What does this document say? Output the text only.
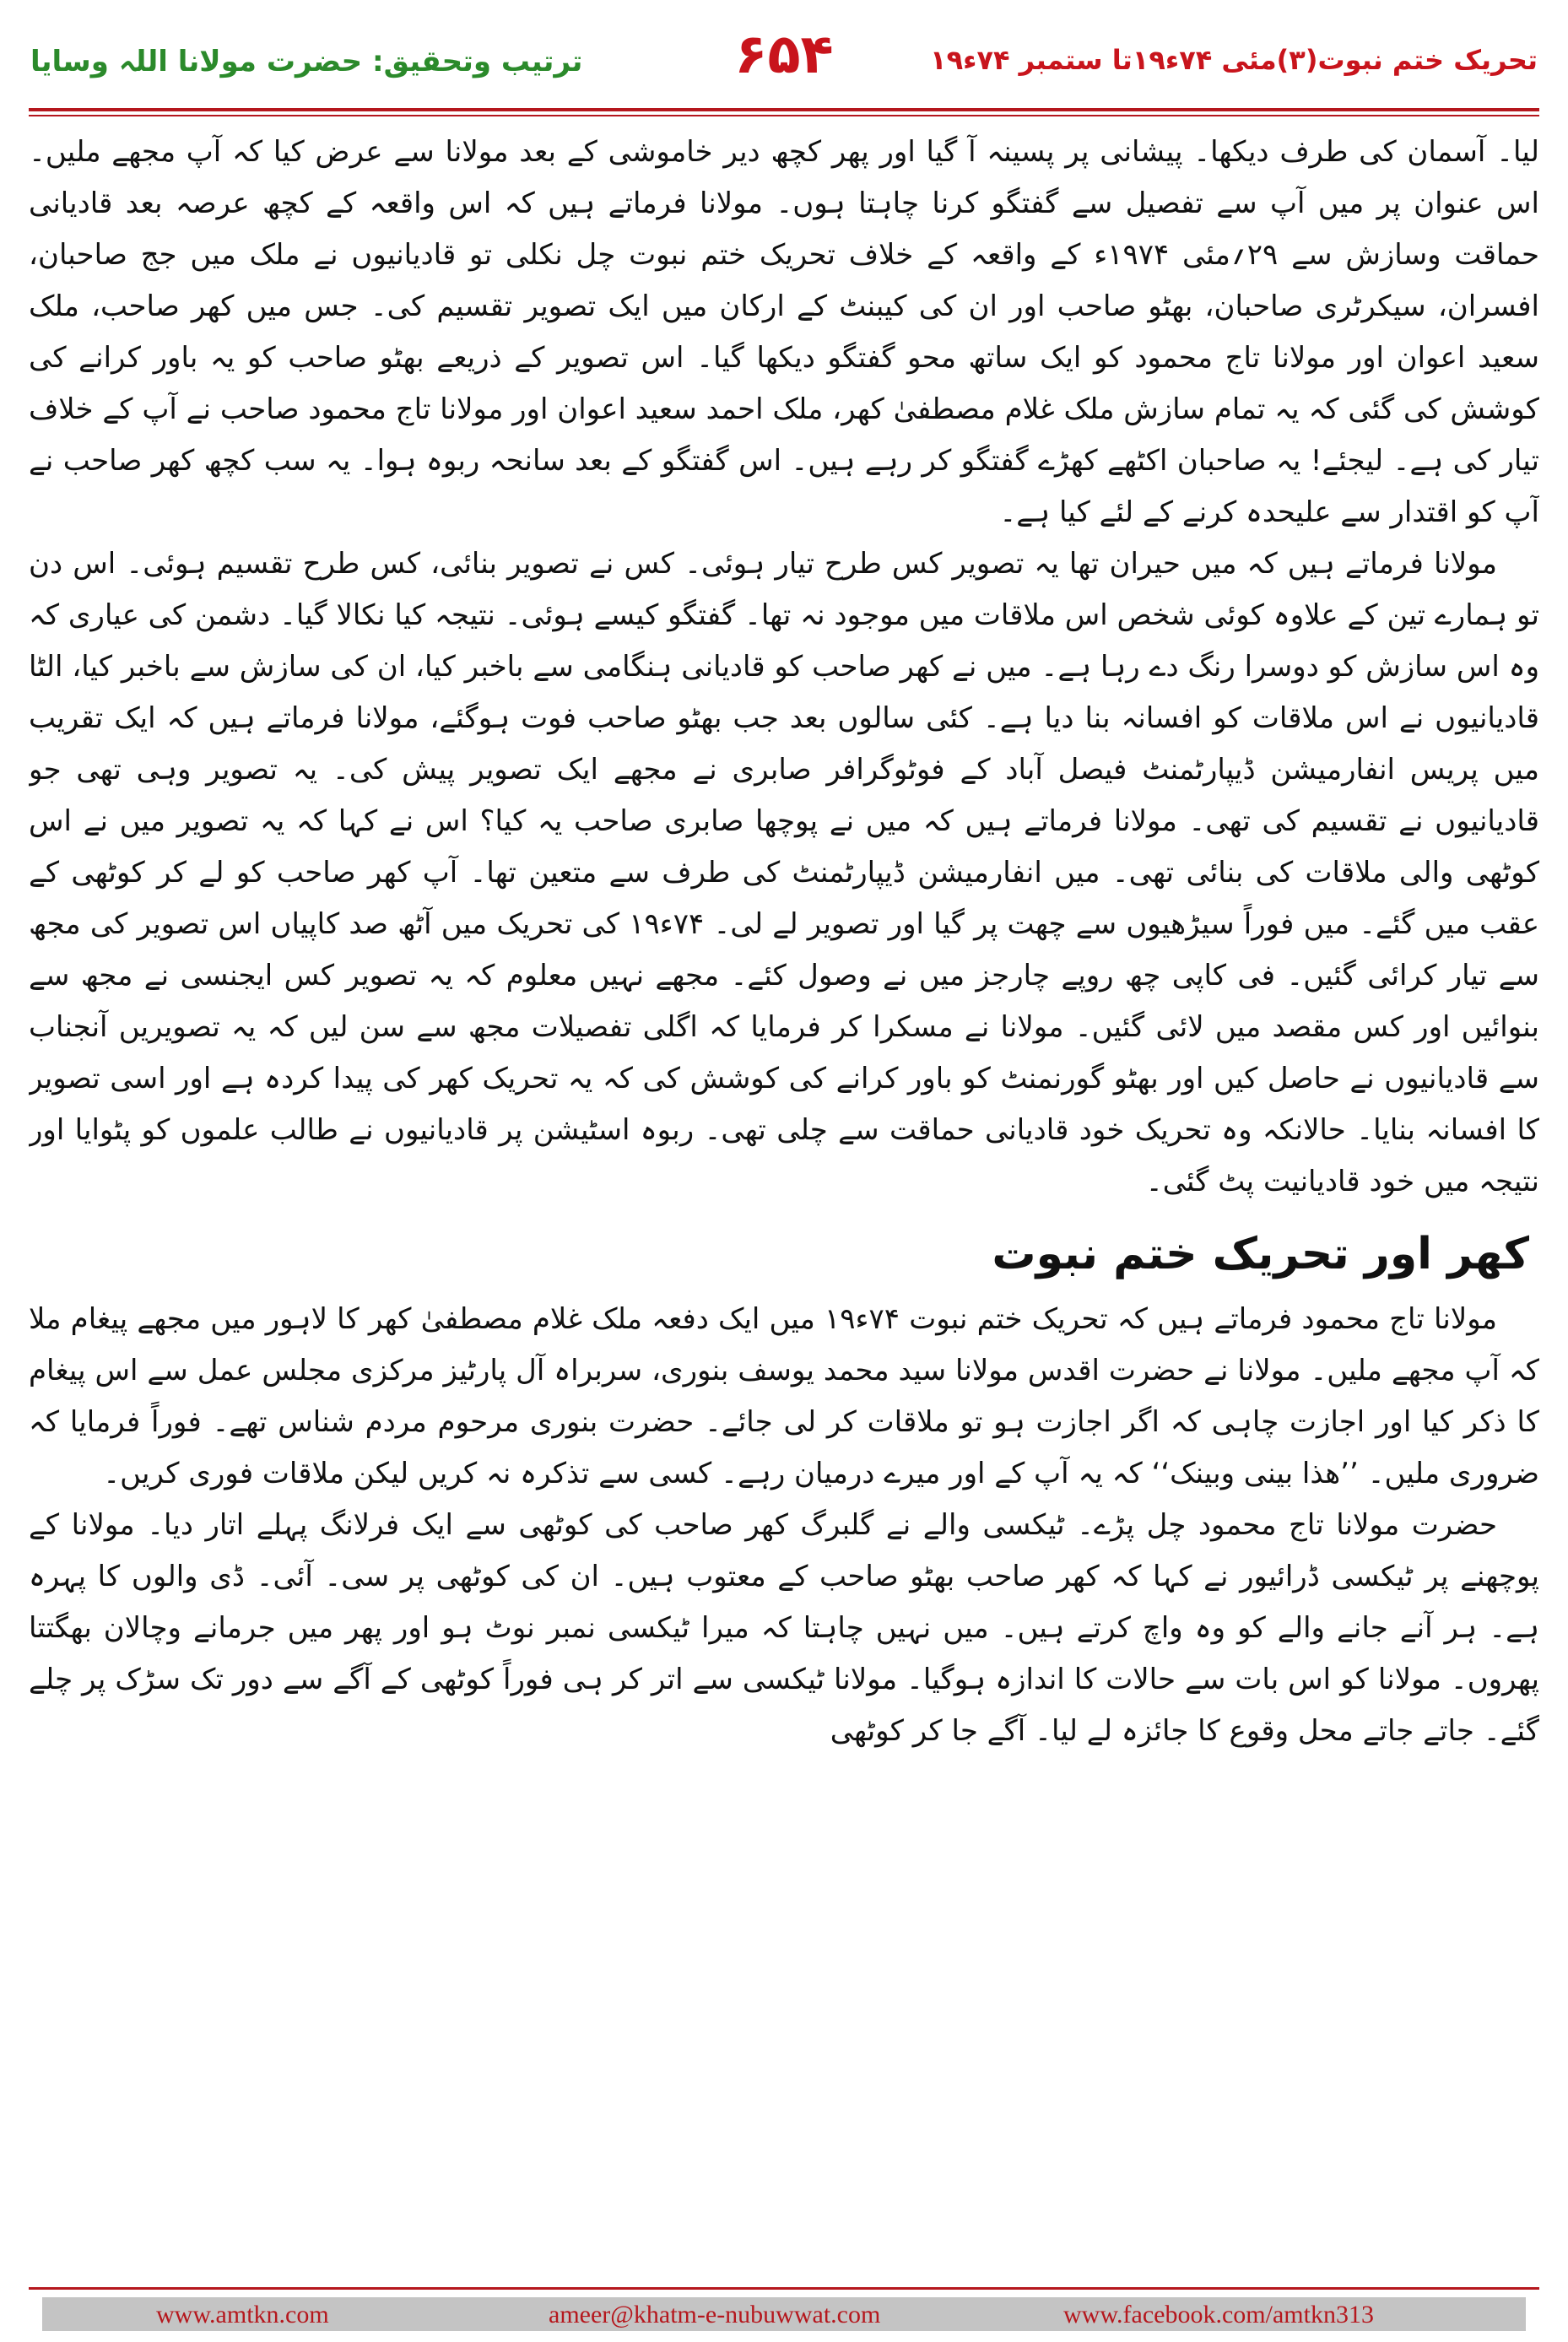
ترتیب وتحقیق: حضرت مولانا اللہ وسایا	۶۵۴	تحریک ختم نبوت(۳)مئی ۷۴ء۱۹تا ستمبر ۷۴ء۱۹

لیا۔ آسمان کی طرف دیکھا۔ پیشانی پر پسینہ آ گیا اور پھر کچھ دیر خاموشی کے بعد مولانا سے عرض کیا کہ آپ مجھے ملیں۔ اس عنوان پر میں آپ سے تفصیل سے گفتگو کرنا چاہتا ہوں۔ مولانا فرماتے ہیں کہ اس واقعہ کے کچھ عرصہ بعد قادیانی حماقت وسازش سے ۲۹؍مئی ۱۹۷۴ء کے واقعہ کے خلاف تحریک ختم نبوت چل نکلی تو قادیانیوں نے ملک میں جج صاحبان، افسران، سیکرٹری صاحبان، بھٹو صاحب اور ان کی کیبنٹ کے ارکان میں ایک تصویر تقسیم کی۔ جس میں کھر صاحب، ملک سعید اعوان اور مولانا تاج محمود کو ایک ساتھ محو گفتگو دیکھا گیا۔ اس تصویر کے ذریعے بھٹو صاحب کو یہ باور کرانے کی کوشش کی گئی کہ یہ تمام سازش ملک غلام مصطفیٰ کھر، ملک احمد سعید اعوان اور مولانا تاج محمود صاحب نے آپ کے خلاف تیار کی ہے۔ لیجئے! یہ صاحبان اکٹھے کھڑے گفتگو کر رہے ہیں۔ اس گفتگو کے بعد سانحہ ربوہ ہوا۔ یہ سب کچھ کھر صاحب نے آپ کو اقتدار سے علیحدہ کرنے کے لئے کیا ہے۔

مولانا فرماتے ہیں کہ میں حیران تھا یہ تصویر کس طرح تیار ہوئی۔ کس نے تصویر بنائی، کس طرح تقسیم ہوئی۔ اس دن تو ہمارے تین کے علاوہ کوئی شخص اس ملاقات میں موجود نہ تھا۔ گفتگو کیسے ہوئی۔ نتیجہ کیا نکالا گیا۔ دشمن کی عیاری کہ وہ اس سازش کو دوسرا رنگ دے رہا ہے۔ میں نے کھر صاحب کو قادیانی ہنگامی سے باخبر کیا، ان کی سازش سے باخبر کیا، الٹا قادیانیوں نے اس ملاقات کو افسانہ بنا دیا ہے۔ کئی سالوں بعد جب بھٹو صاحب فوت ہوگئے، مولانا فرماتے ہیں کہ ایک تقریب میں پریس انفارمیشن ڈیپارٹمنٹ فیصل آباد کے فوٹوگرافر صابری نے مجھے ایک تصویر پیش کی۔ یہ تصویر وہی تھی جو قادیانیوں نے تقسیم کی تھی۔ مولانا فرماتے ہیں کہ میں نے پوچھا صابری صاحب یہ کیا؟ اس نے کہا کہ یہ تصویر میں نے اس کوٹھی والی ملاقات کی بنائی تھی۔ میں انفارمیشن ڈیپارٹمنٹ کی طرف سے متعین تھا۔ آپ کھر صاحب کو لے کر کوٹھی کے عقب میں گئے۔ میں فوراً سیڑھیوں سے چھت پر گیا اور تصویر لے لی۔ ۷۴ء۱۹ کی تحریک میں آٹھ صد کاپیاں اس تصویر کی مجھ سے تیار کرائی گئیں۔ فی کاپی چھ روپے چارجز میں نے وصول کئے۔ مجھے نہیں معلوم کہ یہ تصویر کس ایجنسی نے مجھ سے بنوائیں اور کس مقصد میں لائی گئیں۔ مولانا نے مسکرا کر فرمایا کہ اگلی تفصیلات مجھ سے سن لیں کہ یہ تصویریں آنجناب سے قادیانیوں نے حاصل کیں اور بھٹو گورنمنٹ کو باور کرانے کی کوشش کی کہ یہ تحریک کھر کی پیدا کردہ ہے اور اسی تصویر کا افسانہ بنایا۔ حالانکہ وہ تحریک خود قادیانی حماقت سے چلی تھی۔ ربوہ اسٹیشن پر قادیانیوں نے طالب علموں کو پٹوایا اور نتیجہ میں خود قادیانیت پٹ گئی۔

کھر اور تحریک ختم نبوت

مولانا تاج محمود فرماتے ہیں کہ تحریک ختم نبوت ۷۴ء۱۹ میں ایک دفعہ ملک غلام مصطفیٰ کھر کا لاہور میں مجھے پیغام ملا کہ آپ مجھے ملیں۔ مولانا نے حضرت اقدس مولانا سید محمد یوسف بنوری، سربراہ آل پارٹیز مرکزی مجلس عمل سے اس پیغام کا ذکر کیا اور اجازت چاہی کہ اگر اجازت ہو تو ملاقات کر لی جائے۔ حضرت بنوری مرحوم مردم شناس تھے۔ فوراً فرمایا کہ ضروری ملیں۔ ’’ھذا بینی وبینک‘‘ کہ یہ آپ کے اور میرے درمیان رہے۔ کسی سے تذکرہ نہ کریں لیکن ملاقات فوری کریں۔

حضرت مولانا تاج محمود چل پڑے۔ ٹیکسی والے نے گلبرگ کھر صاحب کی کوٹھی سے ایک فرلانگ پہلے اتار دیا۔ مولانا کے پوچھنے پر ٹیکسی ڈرائیور نے کہا کہ کھر صاحب بھٹو صاحب کے معتوب ہیں۔ ان کی کوٹھی پر سی۔ آئی۔ ڈی والوں کا پہرہ ہے۔ ہر آنے جانے والے کو وہ واچ کرتے ہیں۔ میں نہیں چاہتا کہ میرا ٹیکسی نمبر نوٹ ہو اور پھر میں جرمانے وچالان بھگتتا پھروں۔ مولانا کو اس بات سے حالات کا اندازہ ہوگیا۔ مولانا ٹیکسی سے اتر کر ہی فوراً کوٹھی کے آگے سے دور تک سڑک پر چلے گئے۔ جاتے جاتے محل وقوع کا جائزہ لے لیا۔ آگے جا کر کوٹھی

www.amtkn.com	ameer@khatm-e-nubuwwat.com	www.facebook.com/amtkn313
